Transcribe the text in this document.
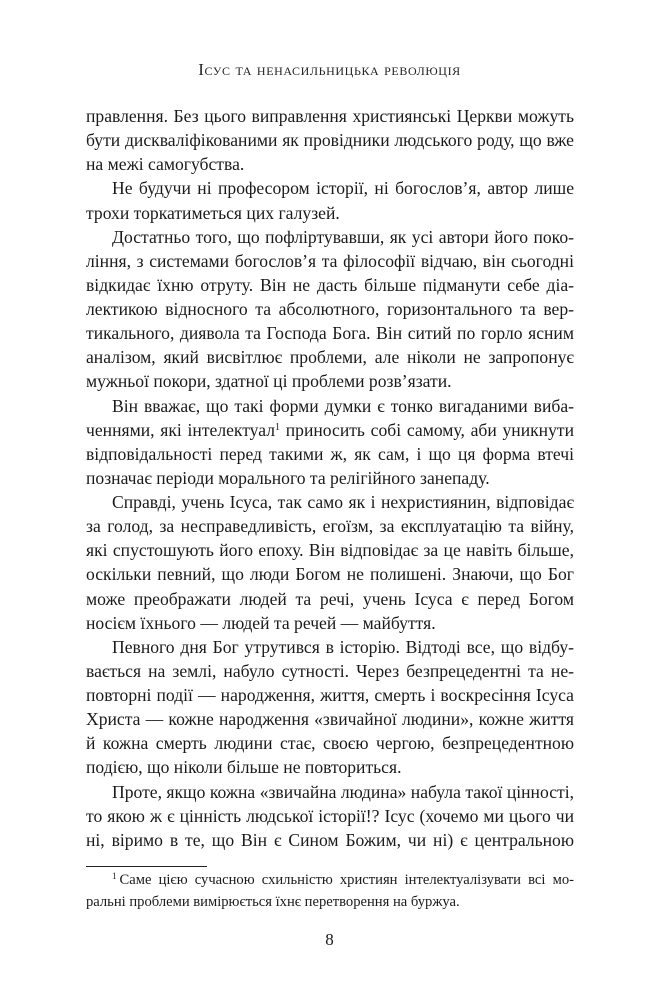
Ісус та ненасильницька революція
правлення. Без цього виправлення християнські Церкви можуть
бути дискваліфікованими як провідники людського роду, що вже
на межі самогубства.
Не будучи ні професором історії, ні богослов’я, автор лише
трохи торкатиметься цих галузей.
Достатньо того, що пофліртувавши, як усі автори його поко-
ління, з системами богослов’я та філософії відчаю, він сьогодні
відкидає їхню отруту. Він не дасть більше підманути себе діа-
лектикою відносного та абсолютного, горизонтального та вер-
тикального, диявола та Господа Бога. Він ситий по горло ясним
аналізом, який висвітлює проблеми, але ніколи не запропонує
мужньої покори, здатної ці проблеми розв’язати.
Він вважає, що такі форми думки є тонко вигаданими виба-
ченнями, які інтелектуал$^1$ приносить собі самому, аби уникнути
відповідальності перед такими ж, як сам, і що ця форма втечі
позначає періоди морального та релігійного занепаду.
Справді, учень Ісуса, так само як і нехристиянин, відповідає
за голод, за несправедливість, егоїзм, за експлуатацію та війну,
які спустошують його епоху. Він відповідає за це навіть більше,
оскільки певний, що люди Богом не полишені. Знаючи, що Бог
може преображати людей та речі, учень Ісуса є перед Богом
носієм їхнього — людей та речей — майбуття.
Певного дня Бог утрутився в історію. Відтоді все, що відбу-
вається на землі, набуло сутності. Через безпрецедентні та не-
повторні події — народження, життя, смерть і воскресіння Ісуса
Христа — кожне народження «звичайної людини», кожне життя
й кожна смерть людини стає, своєю чергою, безпрецедентною
подією, що ніколи більше не повториться.
Проте, якщо кожна «звичайна людина» набула такої цінності,
то якою ж є цінність людської історії!? Ісус (хочемо ми цього чи
ні, віримо в те, що Він є Сином Божим, чи ні) є центральною
$^1$ Саме цією сучасною схильністю християн інтелектуалізувати всі мо-
ральні проблеми вимірюється їхнє перетворення на буржуа.
8
